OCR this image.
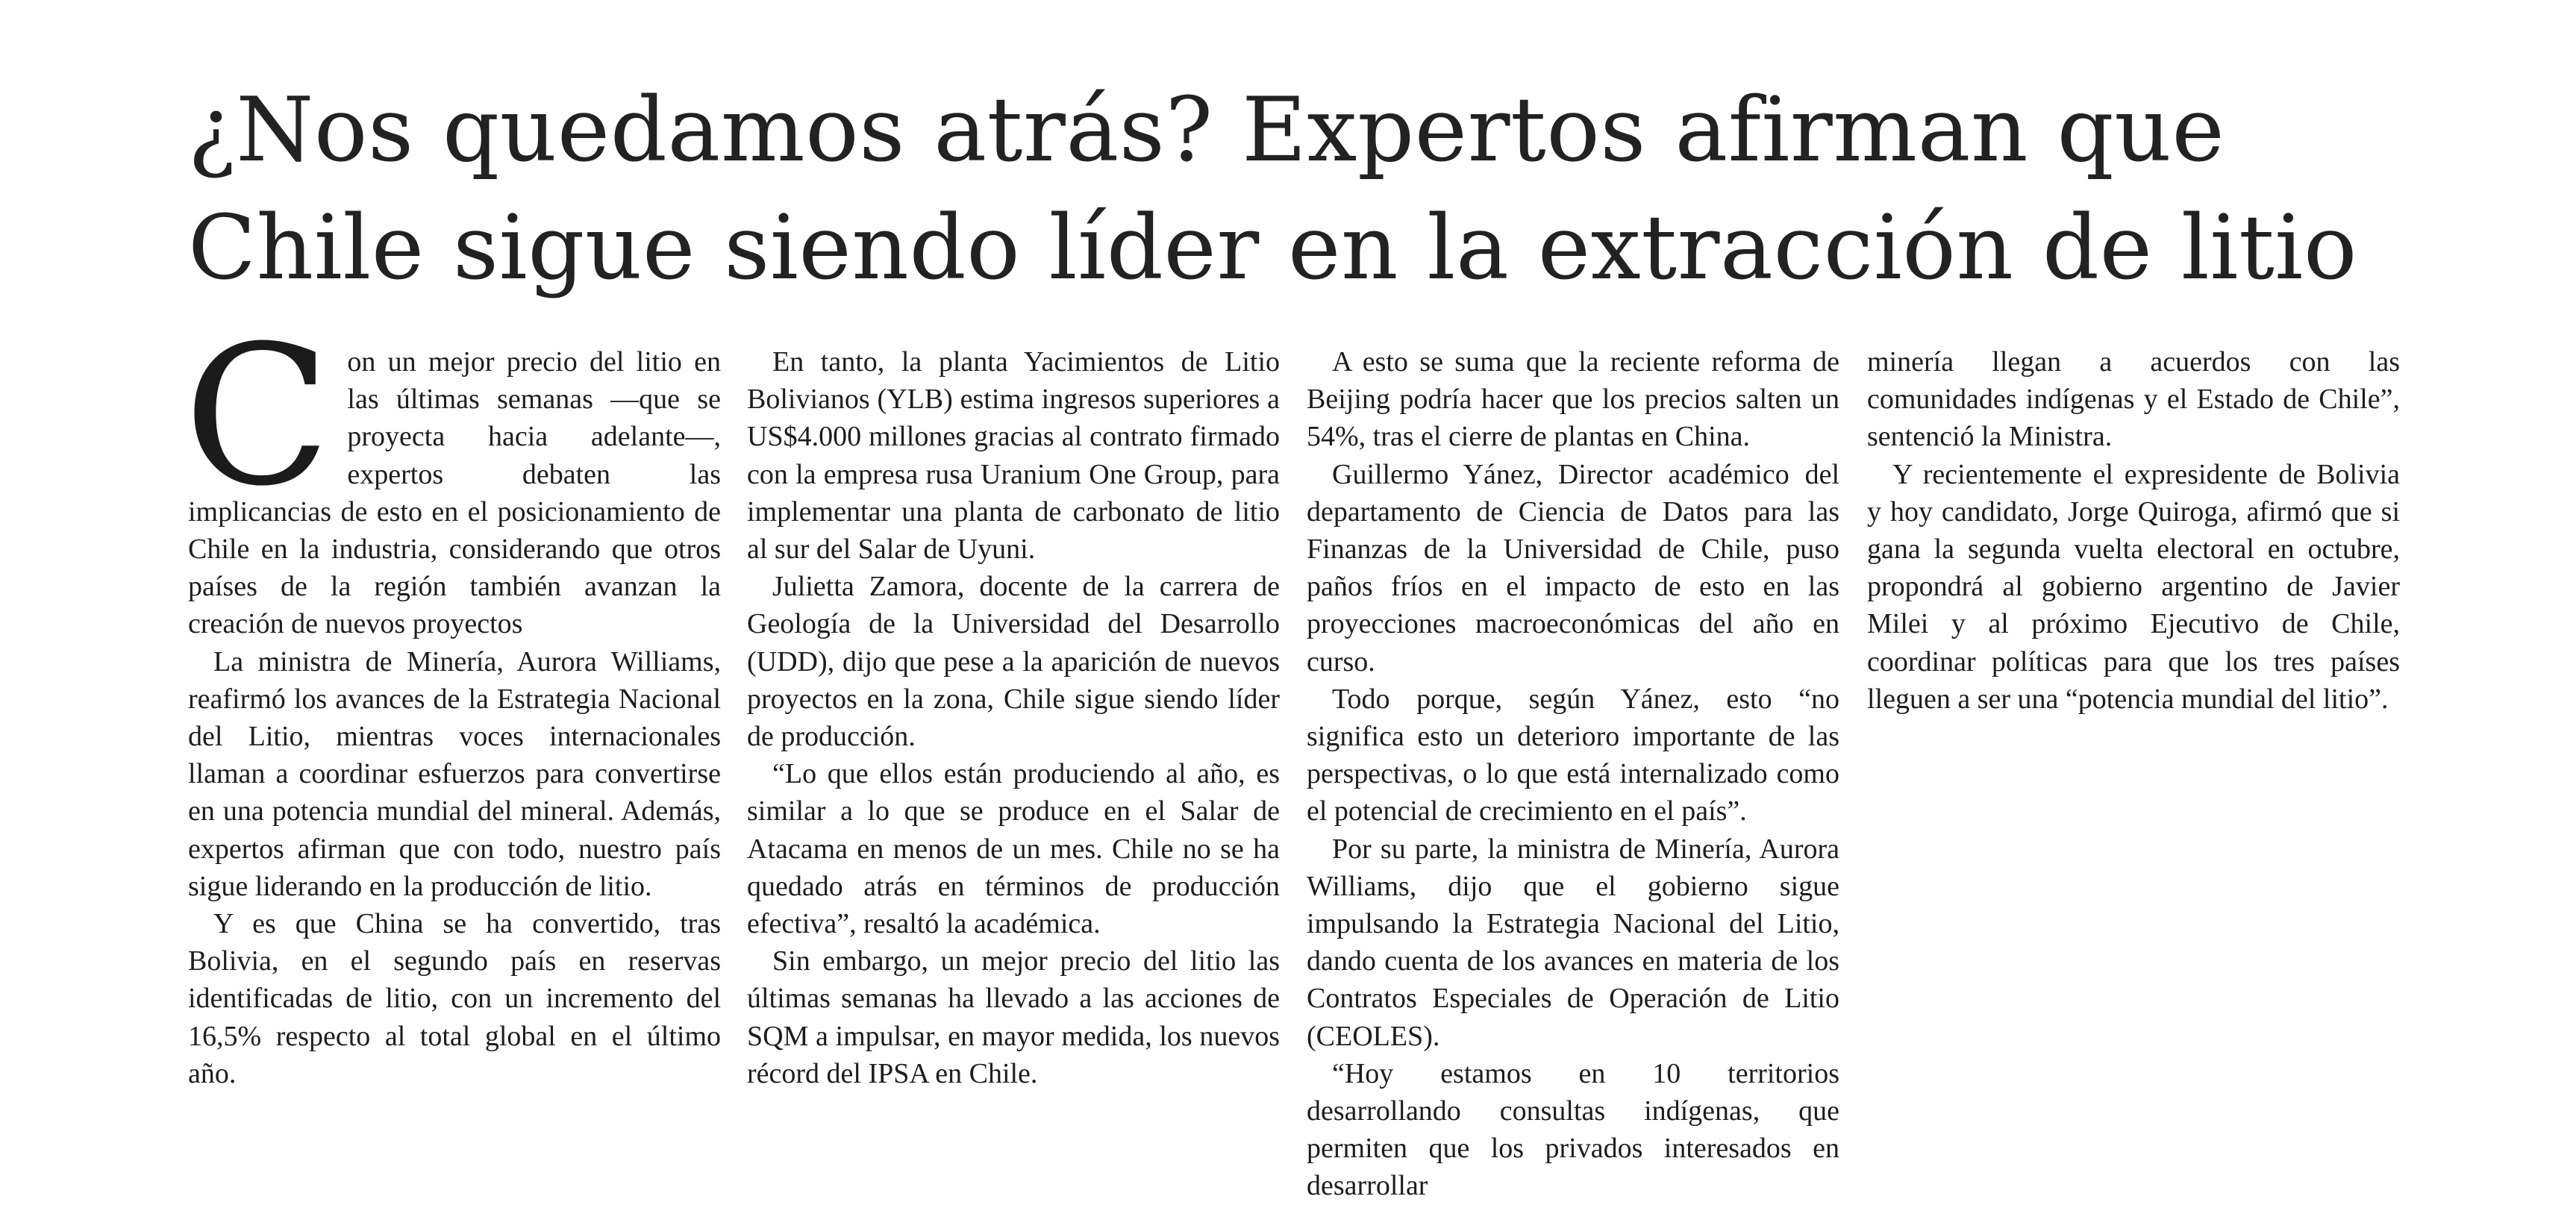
¿Nos quedamos atrás? Expertos afirman que
Chile sigue siendo líder en la extracción de litio

Con un mejor precio del litio en las últimas semanas —que se proyecta hacia adelante—, expertos debaten las implicancias de esto en el posicionamiento de Chile en la industria, considerando que otros países de la región también avanzan la creación de nuevos proyectos

La ministra de Minería, Aurora Williams, reafirmó los avances de la Estrategia Nacional del Litio, mientras voces internacionales llaman a coordinar esfuerzos para convertirse en una potencia mundial del mineral. Además, expertos afirman que con todo, nuestro país sigue liderando en la producción de litio.

Y es que China se ha convertido, tras Bolivia, en el segundo país en reservas identificadas de litio, con un incremento del 16,5% respecto al total global en el último año.

En tanto, la planta Yacimientos de Litio Bolivianos (YLB) estima ingresos superiores a US$4.000 millones gracias al contrato firmado con la empresa rusa Uranium One Group, para implementar una planta de carbonato de litio al sur del Salar de Uyuni.

Julietta Zamora, docente de la carrera de Geología de la Universidad del Desarrollo (UDD), dijo que pese a la aparición de nuevos proyectos en la zona, Chile sigue siendo líder de producción.

“Lo que ellos están produciendo al año, es similar a lo que se produce en el Salar de Atacama en menos de un mes. Chile no se ha quedado atrás en términos de producción efectiva”, resaltó la académica.

Sin embargo, un mejor precio del litio las últimas semanas ha llevado a las acciones de SQM a impulsar, en mayor medida, los nuevos récord del IPSA en Chile.

A esto se suma que la reciente reforma de Beijing podría hacer que los precios salten un 54%, tras el cierre de plantas en China.

Guillermo Yánez, Director académico del departamento de Ciencia de Datos para las Finanzas de la Universidad de Chile, puso paños fríos en el impacto de esto en las proyecciones macroeconómicas del año en curso.

Todo porque, según Yánez, esto “no significa esto un deterioro importante de las perspectivas, o lo que está internalizado como el potencial de crecimiento en el país”.

Por su parte, la ministra de Minería, Aurora Williams, dijo que el gobierno sigue impulsando la Estrategia Nacional del Litio, dando cuenta de los avances en materia de los Contratos Especiales de Operación de Litio (CEOLES).

“Hoy estamos en 10 territorios desarrollando consultas indígenas, que permiten que los privados interesados en desarrollar

minería llegan a acuerdos con las comunidades indígenas y el Estado de Chile”, sentenció la Ministra.

Y recientemente el expresidente de Bolivia y hoy candidato, Jorge Quiroga, afirmó que si gana la segunda vuelta electoral en octubre, propondrá al gobierno argentino de Javier Milei y al próximo Ejecutivo de Chile, coordinar políticas para que los tres países lleguen a ser una “potencia mundial del litio”.
